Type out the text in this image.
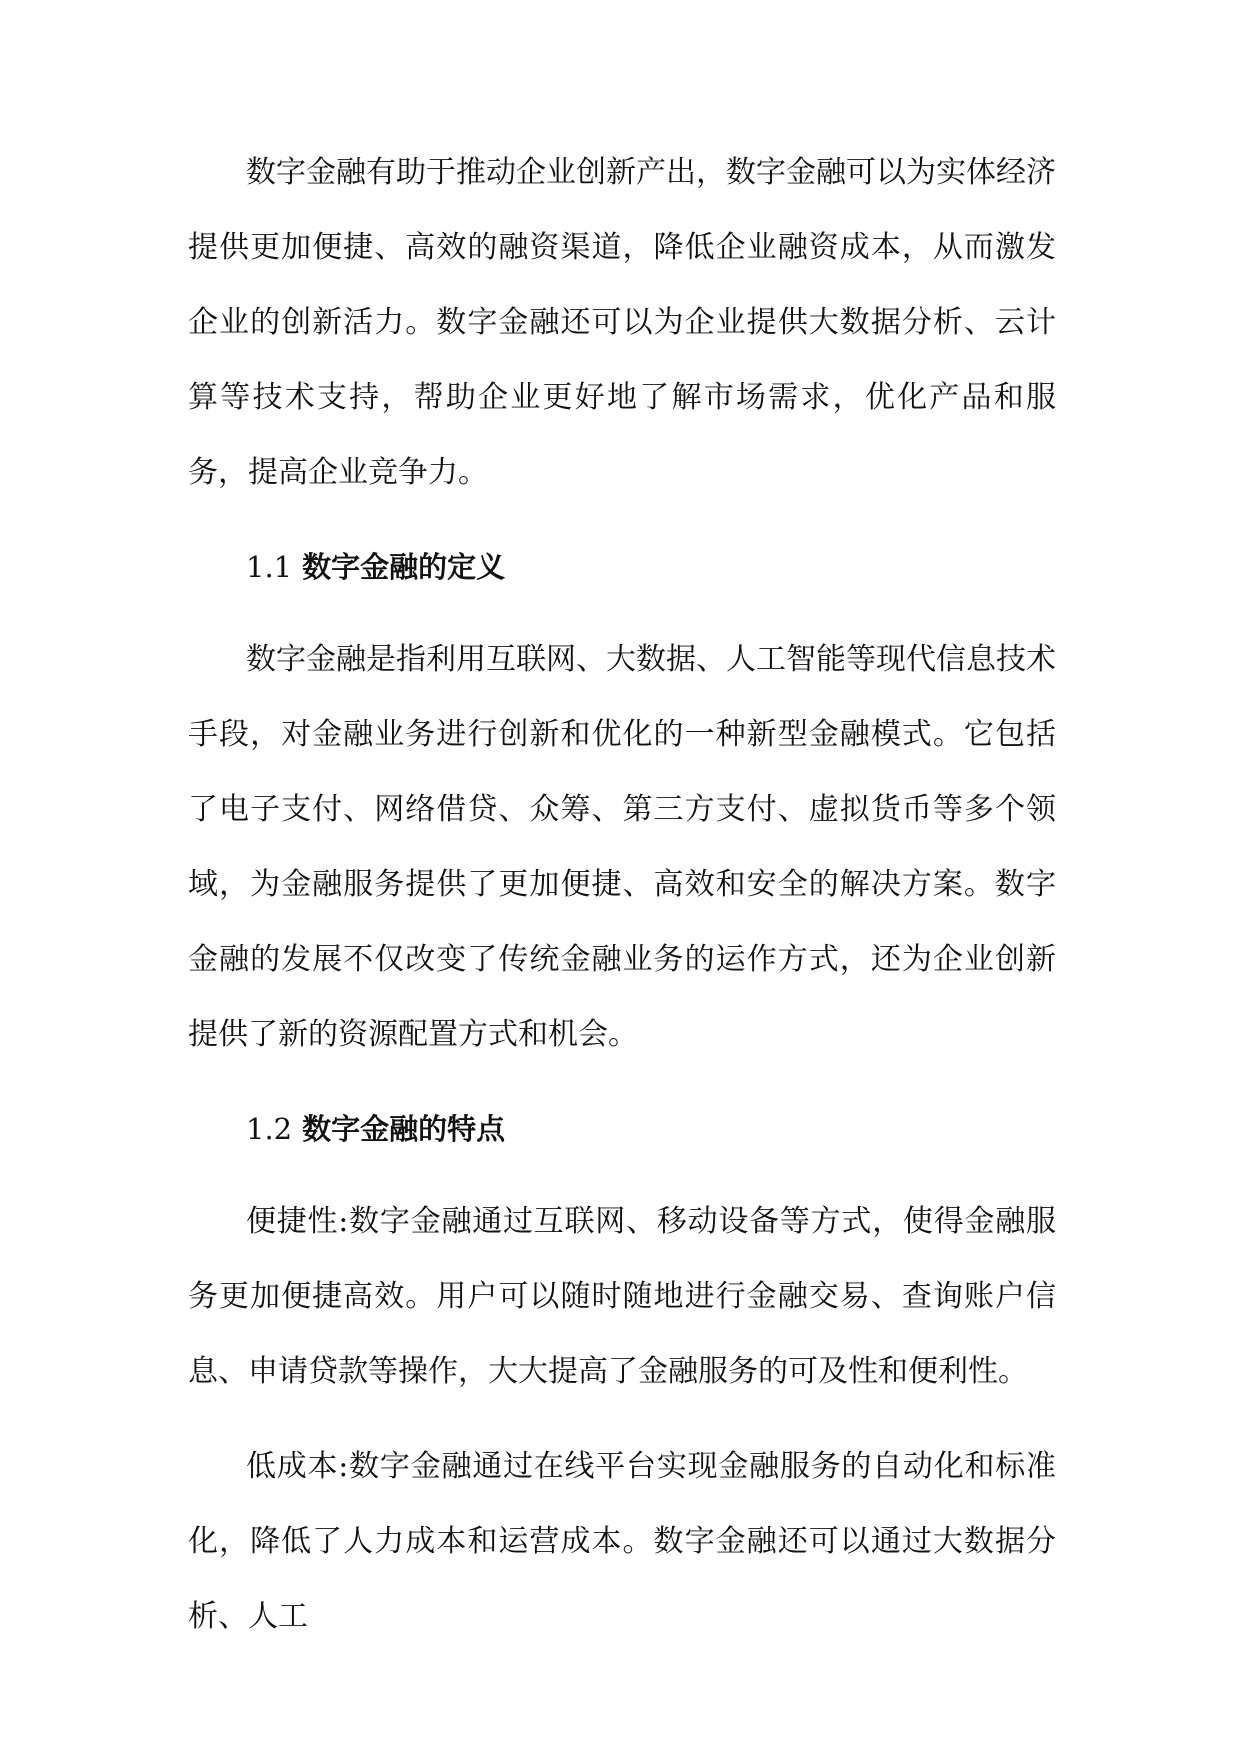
数字金融有助于推动企业创新产出，数字金融可以为实体经济提供更加便捷、高效的融资渠道，降低企业融资成本，从而激发企业的创新活力。数字金融还可以为企业提供大数据分析、云计算等技术支持，帮助企业更好地了解市场需求，优化产品和服务，提高企业竞争力。

1.1 数字金融的定义

数字金融是指利用互联网、大数据、人工智能等现代信息技术手段，对金融业务进行创新和优化的一种新型金融模式。它包括了电子支付、网络借贷、众筹、第三方支付、虚拟货币等多个领域，为金融服务提供了更加便捷、高效和安全的解决方案。数字金融的发展不仅改变了传统金融业务的运作方式，还为企业创新提供了新的资源配置方式和机会。

1.2 数字金融的特点

便捷性:数字金融通过互联网、移动设备等方式，使得金融服务更加便捷高效。用户可以随时随地进行金融交易、查询账户信息、申请贷款等操作，大大提高了金融服务的可及性和便利性。

低成本:数字金融通过在线平台实现金融服务的自动化和标准化，降低了人力成本和运营成本。数字金融还可以通过大数据分析、人工
